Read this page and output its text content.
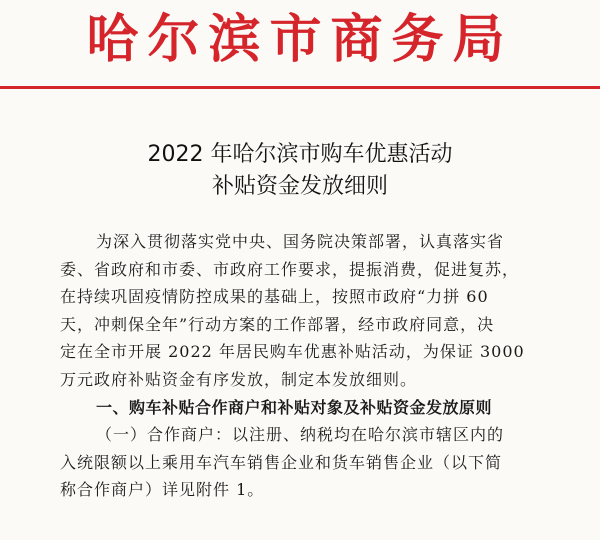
哈尔滨市商务局
2022 年哈尔滨市购车优惠活动
补贴资金发放细则
为深入贯彻落实党中央、国务院决策部署，认真落实省
委、省政府和市委、市政府工作要求，提振消费，促进复苏，
在持续巩固疫情防控成果的基础上，按照市政府“力拼 60
天，冲刺保全年”行动方案的工作部署，经市政府同意，决
定在全市开展 2022 年居民购车优惠补贴活动，为保证 3000
万元政府补贴资金有序发放，制定本发放细则。
一、购车补贴合作商户和补贴对象及补贴资金发放原则
（一）合作商户：以注册、纳税均在哈尔滨市辖区内的
入统限额以上乘用车汽车销售企业和货车销售企业（以下简
称合作商户）详见附件 1。
